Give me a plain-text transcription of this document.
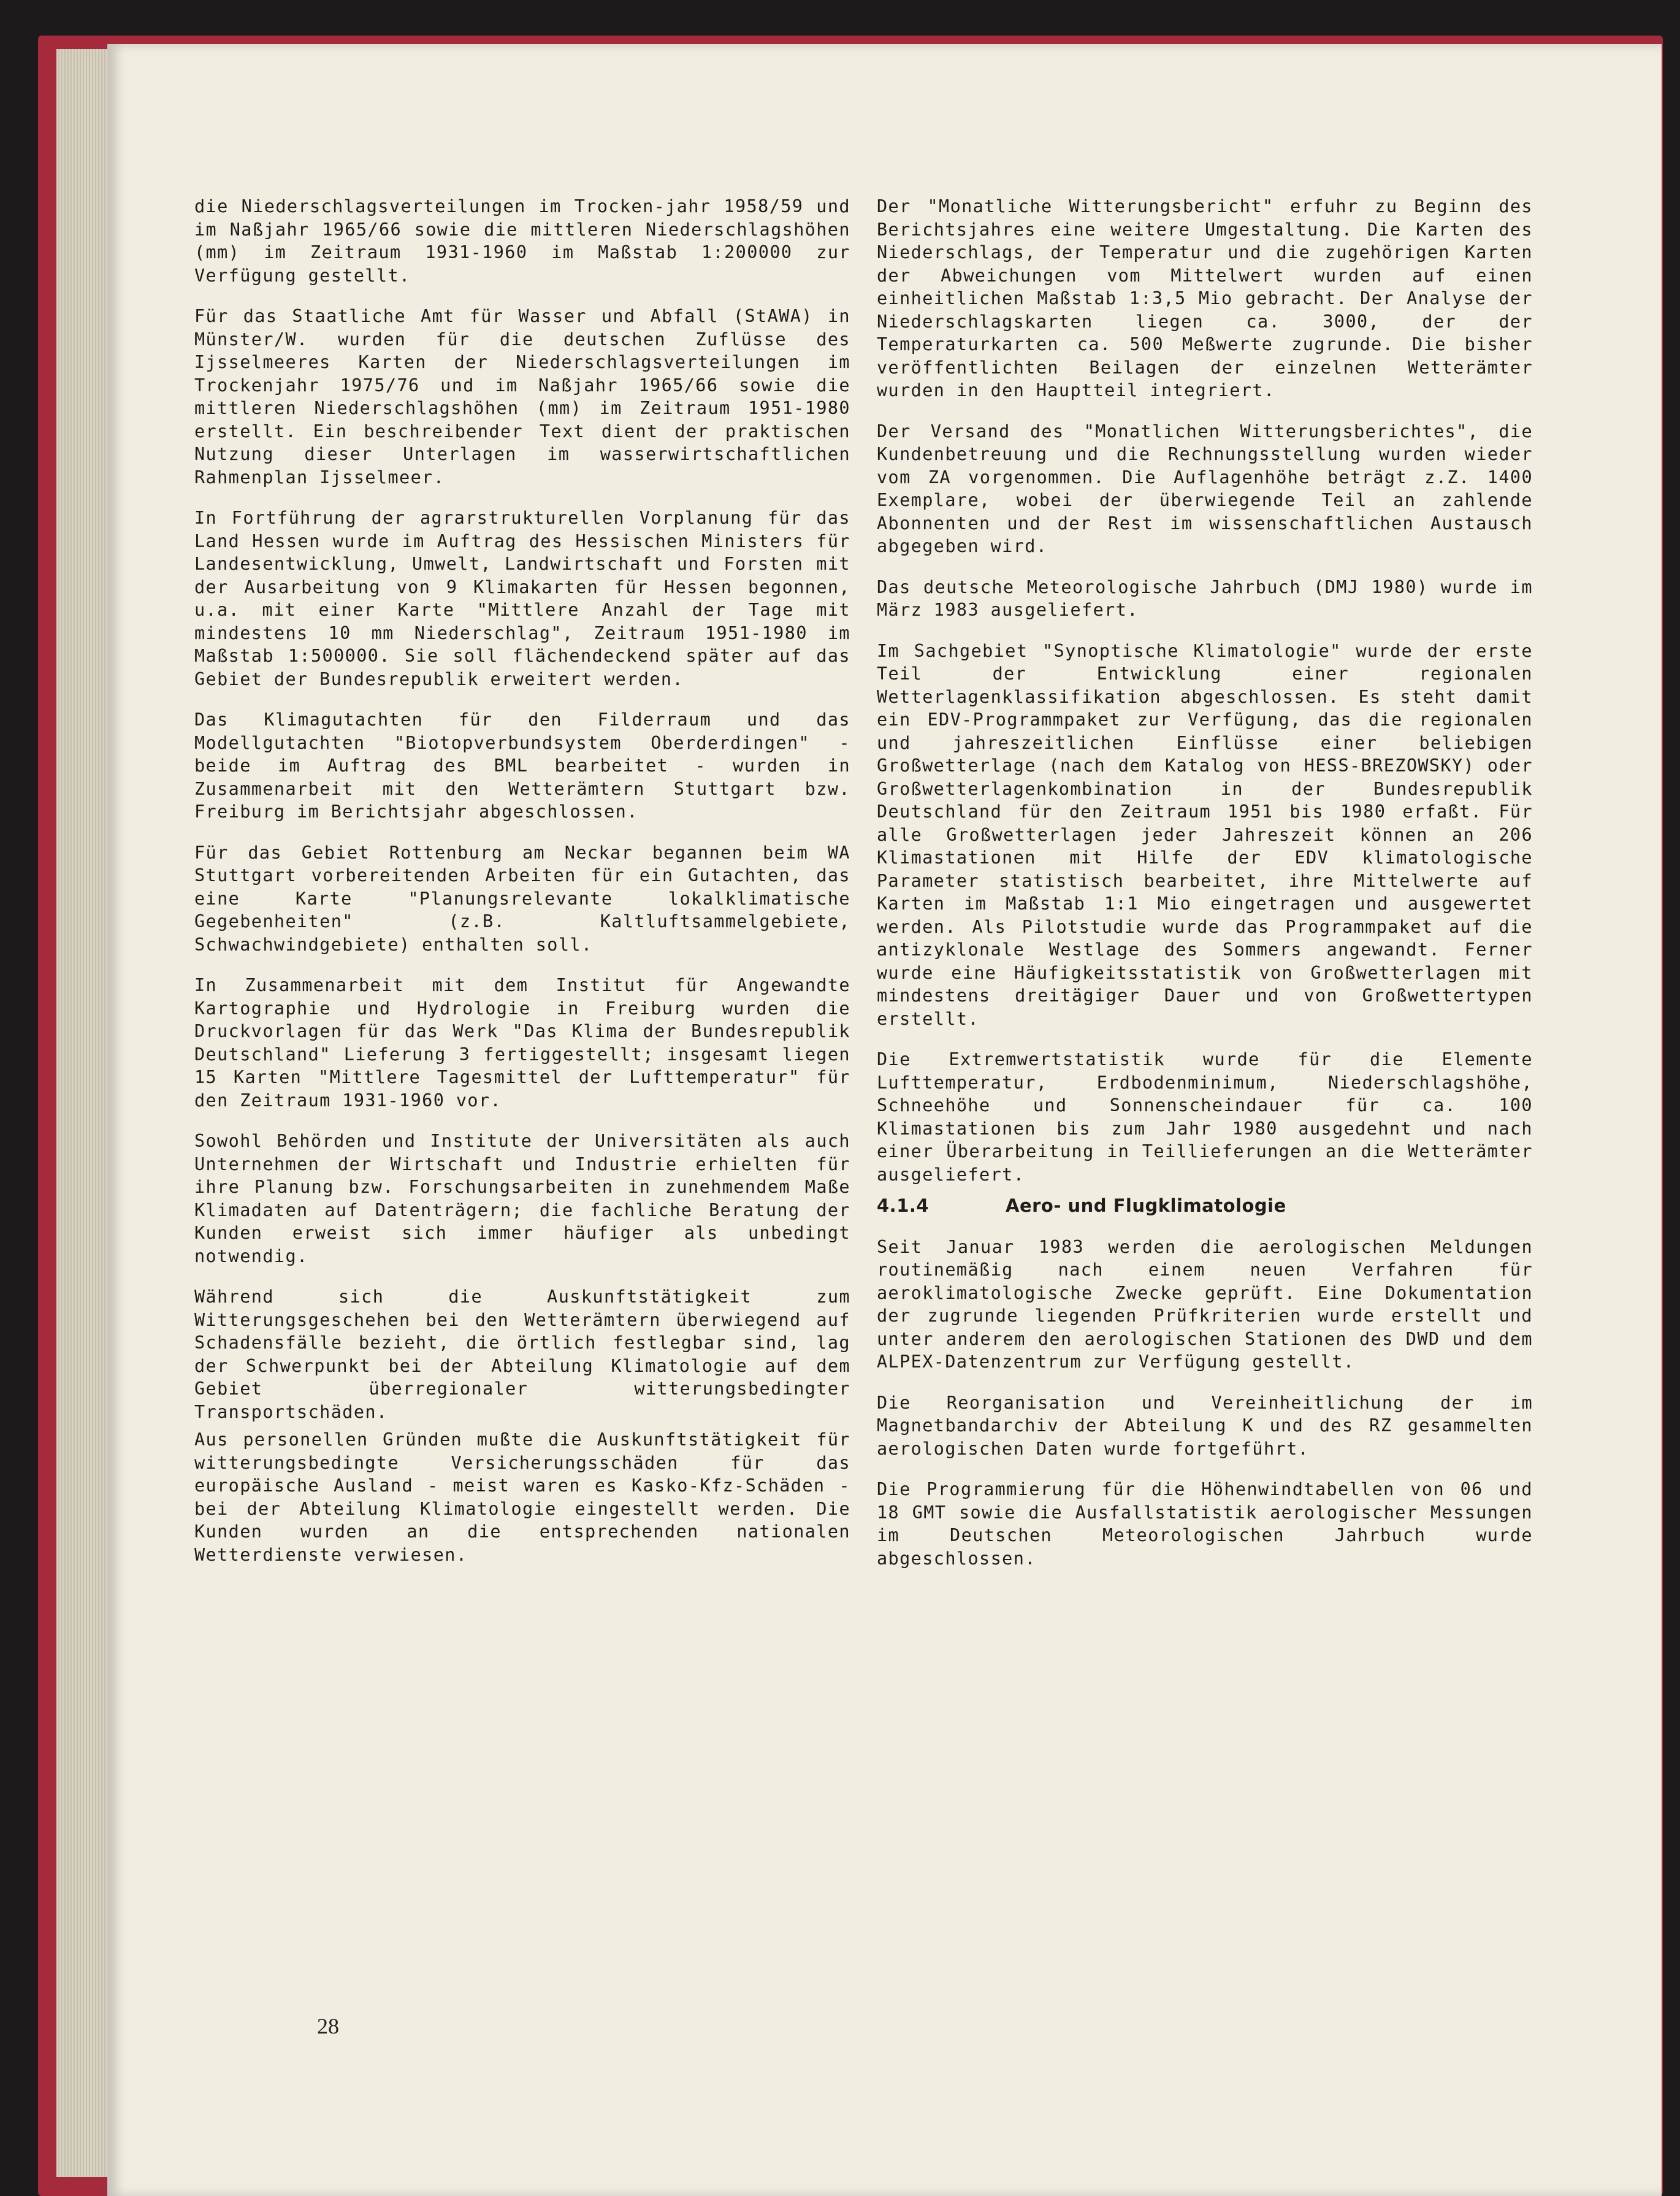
die Niederschlagsverteilungen im Trocken-jahr 1958/59 und im Naßjahr 1965/66 sowie die mittleren Niederschlagshöhen (mm) im Zeitraum 1931-1960 im Maßstab 1:200000 zur Verfügung gestellt.

Für das Staatliche Amt für Wasser und Abfall (StAWA) in Münster/W. wurden für die deutschen Zuflüsse des Ijsselmeeres Karten der Niederschlagsverteilungen im Trockenjahr 1975/76 und im Naßjahr 1965/66 sowie die mittleren Niederschlagshöhen (mm) im Zeitraum 1951-1980 erstellt. Ein beschreibender Text dient der praktischen Nutzung dieser Unterlagen im wasserwirtschaftlichen Rahmenplan Ijsselmeer.

In Fortführung der agrarstrukturellen Vorplanung für das Land Hessen wurde im Auftrag des Hessischen Ministers für Landesentwicklung, Umwelt, Landwirtschaft und Forsten mit der Ausarbeitung von 9 Klimakarten für Hessen begonnen, u.a. mit einer Karte "Mittlere Anzahl der Tage mit mindestens 10 mm Niederschlag", Zeitraum 1951-1980 im Maßstab 1:500000. Sie soll flächendeckend später auf das Gebiet der Bundesrepublik erweitert werden.

Das Klimagutachten für den Filderraum und das Modellgutachten "Biotopverbundsystem Oberderdingen" - beide im Auftrag des BML bearbeitet - wurden in Zusammenarbeit mit den Wetterämtern Stuttgart bzw. Freiburg im Berichtsjahr abgeschlossen.

Für das Gebiet Rottenburg am Neckar begannen beim WA Stuttgart vorbereitenden Arbeiten für ein Gutachten, das eine Karte "Planungsrelevante lokalklimatische Gegebenheiten" (z.B. Kaltluftsammelgebiete, Schwachwindgebiete) enthalten soll.

In Zusammenarbeit mit dem Institut für Angewandte Kartographie und Hydrologie in Freiburg wurden die Druckvorlagen für das Werk "Das Klima der Bundesrepublik Deutschland" Lieferung 3 fertiggestellt; insgesamt liegen 15 Karten "Mittlere Tagesmittel der Lufttemperatur" für den Zeitraum 1931-1960 vor.

Sowohl Behörden und Institute der Universitäten als auch Unternehmen der Wirtschaft und Industrie erhielten für ihre Planung bzw. Forschungsarbeiten in zunehmendem Maße Klimadaten auf Datenträgern; die fachliche Beratung der Kunden erweist sich immer häufiger als unbedingt notwendig.

Während sich die Auskunftstätigkeit zum Witterungsgeschehen bei den Wetterämtern überwiegend auf Schadensfälle bezieht, die örtlich festlegbar sind, lag der Schwerpunkt bei der Abteilung Klimatologie auf dem Gebiet überregionaler witterungsbedingter Transportschäden.

Aus personellen Gründen mußte die Auskunftstätigkeit für witterungsbedingte Versicherungsschäden für das europäische Ausland - meist waren es Kasko-Kfz-Schäden - bei der Abteilung Klimatologie eingestellt werden. Die Kunden wurden an die entsprechenden nationalen Wetterdienste verwiesen.

Der "Monatliche Witterungsbericht" erfuhr zu Beginn des Berichtsjahres eine weitere Umgestaltung. Die Karten des Niederschlags, der Temperatur und die zugehörigen Karten der Abweichungen vom Mittelwert wurden auf einen einheitlichen Maßstab 1:3,5 Mio gebracht. Der Analyse der Niederschlagskarten liegen ca. 3000, der der Temperaturkarten ca. 500 Meßwerte zugrunde. Die bisher veröffentlichten Beilagen der einzelnen Wetterämter wurden in den Hauptteil integriert.

Der Versand des "Monatlichen Witterungsberichtes", die Kundenbetreuung und die Rechnungsstellung wurden wieder vom ZA vorgenommen. Die Auflagenhöhe beträgt z.Z. 1400 Exemplare, wobei der überwiegende Teil an zahlende Abonnenten und der Rest im wissenschaftlichen Austausch abgegeben wird.

Das deutsche Meteorologische Jahrbuch (DMJ 1980) wurde im März 1983 ausgeliefert.

Im Sachgebiet "Synoptische Klimatologie" wurde der erste Teil der Entwicklung einer regionalen Wetterlagenklassifikation abgeschlossen. Es steht damit ein EDV-Programmpaket zur Verfügung, das die regionalen und jahreszeitlichen Einflüsse einer beliebigen Großwetterlage (nach dem Katalog von HESS-BREZOWSKY) oder Großwetterlagenkombination in der Bundesrepublik Deutschland für den Zeitraum 1951 bis 1980 erfaßt. Für alle Großwetterlagen jeder Jahreszeit können an 206 Klimastationen mit Hilfe der EDV klimatologische Parameter statistisch bearbeitet, ihre Mittelwerte auf Karten im Maßstab 1:1 Mio eingetragen und ausgewertet werden. Als Pilotstudie wurde das Programmpaket auf die antizyklonale Westlage des Sommers angewandt. Ferner wurde eine Häufigkeitsstatistik von Großwetterlagen mit mindestens dreitägiger Dauer und von Großwettertypen erstellt.

Die Extremwertstatistik wurde für die Elemente Lufttemperatur, Erdbodenminimum, Niederschlagshöhe, Schneehöhe und Sonnenscheindauer für ca. 100 Klimastationen bis zum Jahr 1980 ausgedehnt und nach einer Überarbeitung in Teillieferungen an die Wetterämter ausgeliefert.

4.1.4	Aero- und Flugklimatologie

Seit Januar 1983 werden die aerologischen Meldungen routinemäßig nach einem neuen Verfahren für aeroklimatologische Zwecke geprüft. Eine Dokumentation der zugrunde liegenden Prüfkriterien wurde erstellt und unter anderem den aerologischen Stationen des DWD und dem ALPEX-Datenzentrum zur Verfügung gestellt.

Die Reorganisation und Vereinheitlichung der im Magnetbandarchiv der Abteilung K und des RZ gesammelten aerologischen Daten wurde fortgeführt.

Die Programmierung für die Höhenwindtabellen von 06 und 18 GMT sowie die Ausfallstatistik aerologischer Messungen im Deutschen Meteorologischen Jahrbuch wurde abgeschlossen.

28
